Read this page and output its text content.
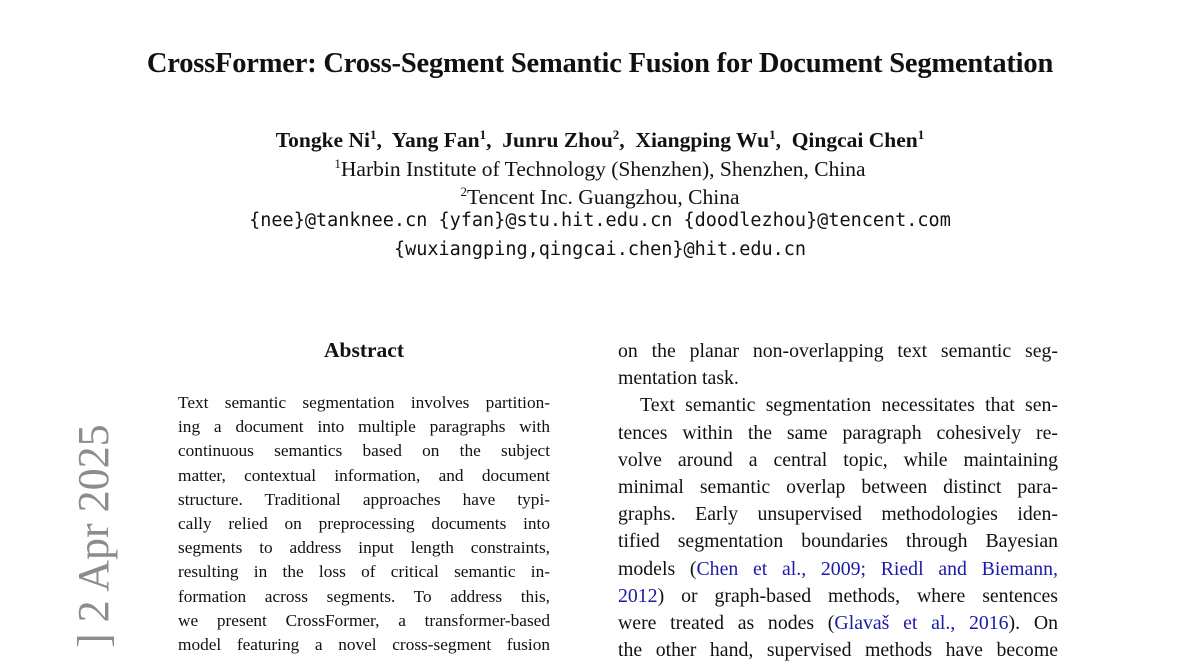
CrossFormer: Cross-Segment Semantic Fusion for Document Segmentation
Tongke Ni$^1$,  Yang Fan$^1$,  Junru Zhou$^2$,  Xiangping Wu$^1$,  Qingcai Chen$^1$
$^1$Harbin Institute of Technology (Shenzhen), Shenzhen, China
$^2$Tencent Inc. Guangzhou, China
{nee}@tanknee.cn {yfan}@stu.hit.edu.cn {doodlezhou}@tencent.com
{wuxiangping,qingcai.chen}@hit.edu.cn
] 2 Apr 2025
Abstract
Text semantic segmentation involves partition-
ing a document into multiple paragraphs with
continuous semantics based on the subject
matter, contextual information, and document
structure. Traditional approaches have typi-
cally relied on preprocessing documents into
segments to address input length constraints,
resulting in the loss of critical semantic in-
formation across segments. To address this,
we present CrossFormer, a transformer-based
model featuring a novel cross-segment fusion
on the planar non-overlapping text semantic seg-
mentation task.
Text semantic segmentation necessitates that sen-
tences within the same paragraph cohesively re-
volve around a central topic, while maintaining
minimal semantic overlap between distinct para-
graphs. Early unsupervised methodologies iden-
tified segmentation boundaries through Bayesian
models (Chen et al., 2009; Riedl and Biemann,
2012) or graph-based methods, where sentences
were treated as nodes (Glavaš et al., 2016). On
the other hand, supervised methods have become
